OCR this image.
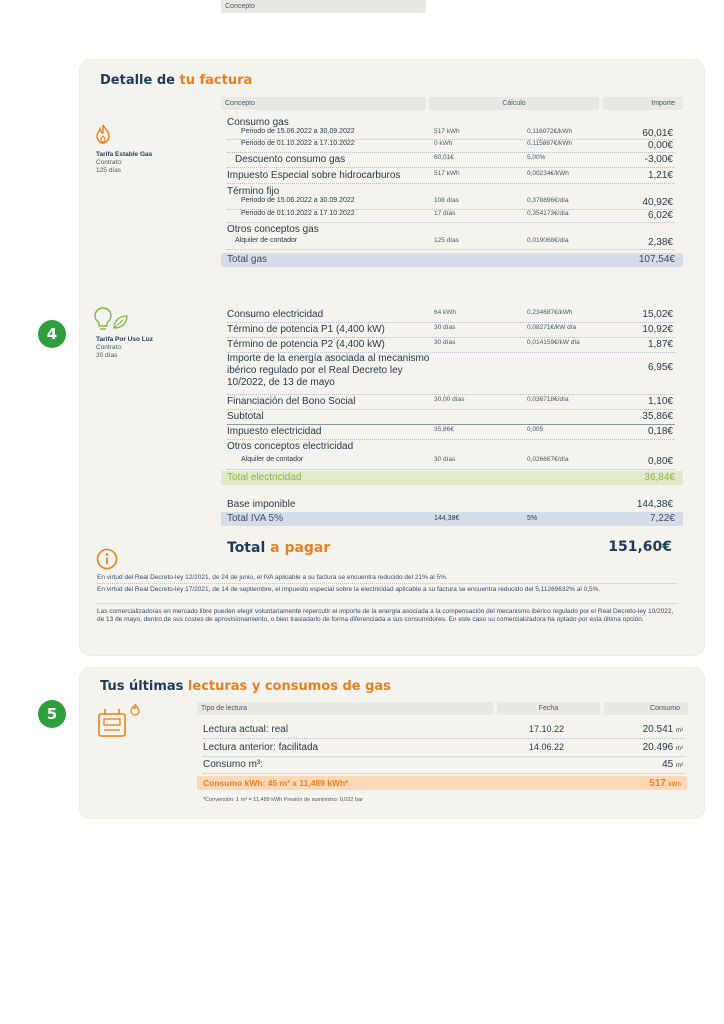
4
5
Detalle de tu factura
Concepto
Cálculo	Importe
Concepto
Tarifa Estable Gas
Contrato:
125 días
Consumo gas
Periodo de 15.06.2022 a 30.09.2022	517 kWh	0,116072€/kWh	60,01€
Periodo de 01.10.2022 a 17.10.2022	0 kWh	0,115887€/kWh	0,00€
Descuento consumo gas	60,01€	5,00%	-3,00€
Impuesto Especial sobre hidrocarburos	517 kWh	0,00234€/kWh	1,21€
Término fijo
Periodo de 15.06.2022 a 30.09.2022	108 días	0,378896€/día	40,92€
Periodo de 01.10.2022 a 17.10.2022	17 días	0,354173€/día	6,02€
Otros conceptos gas
Alquiler de contador	125 días	0,019068€/día	2,38€
Total gas	107,54€
Tarifa Por Uso Luz
Contrato:
30 días
Consumo electricidad	64 kWh	0,234687€/kWh	15,02€
Término de potencia P1 (4,400 kW)	30 días	0,08271€/kW día	10,92€
Término de potencia P2 (4,400 kW)	30 días	0,014159€/kW día	1,87€
Importe de la energía asociada al mecanismo
ibérico regulado por el Real Decreto ley
10/2022, de 13 de mayo
6,95€
Financiación del Bono Social	30,00 días	0,036718€/día	1,10€
Subtotal	35,86€
Impuesto electricidad	35,86€	0,005	0,18€
Otros conceptos electricidad
Alquiler de contador	30 días	0,026667€/día	0,80€
Total electricidad	36,84€
Base imponible	144,38€
Total IVA 5%	144,38€	5%	7,22€
Total a pagar	151,60€
En virtud del Real Decreto-ley 12/2021, de 24 de junio, el IVA aplicable a su factura se encuentra reducido del 21% al 5%.
En virtud del Real Decreto-ley 17/2021, de 14 de septiembre, el impuesto especial sobre la electricidad aplicable a su factura se encuentra reducido del 5,11269632% al 0,5%.
Las comercializadoras en mercado libre pueden elegir voluntariamente repercutir el importe de la energía asociada a la compensación del mecanismo ibérico regulado por el Real Decreto-ley 10/2022, de 13 de mayo, dentro de sus costes de aprovisionamiento, o bien trasladarlo de forma diferenciada a sus consumidores. En este caso su comercializadora ha optado por esta última opción.
Tus últimas lecturas y consumos de gas
Tipo de lectura	Fecha	Consumo
Lectura actual: real	17.10.22	20.541 m³
Lectura anterior: facilitada	14.06.22	20.496 m³
Consumo m³:	45 m³
Consumo kWh: 45 m³ x 11,489 kWh*	517 kWh
*Conversión: 1 m³ = 11,489 kWh Presión de suministro: 0,022 bar
